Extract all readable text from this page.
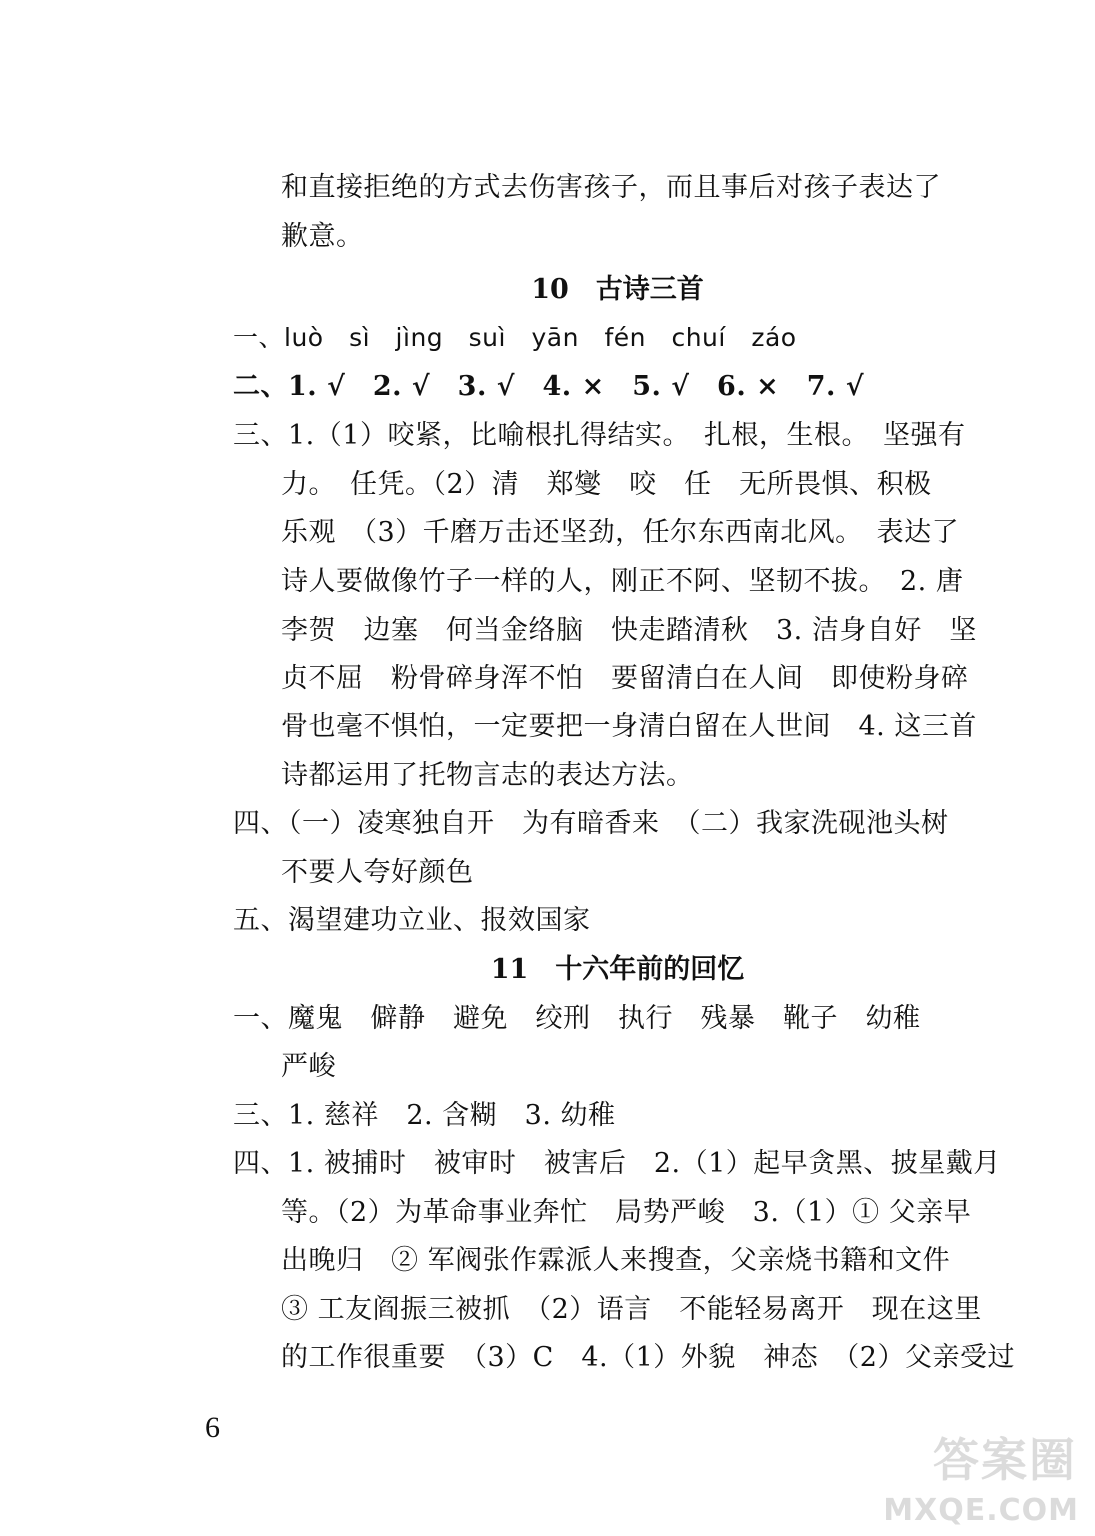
和直接拒绝的方式去伤害孩子，而且事后对孩子表达了
歉意。
10　古诗三首
一、luò　sì　jìng　suì　yān　fén　chuí　záo
二、1. √　2. √　3. √　4. ×　5. √　6. ×　7. √
三、1.（1）咬紧，比喻根扎得结实。　扎根，生根。　坚强有
力。　任凭。（2）清　郑燮　咬　任　无所畏惧、积极
乐观　（3）千磨万击还坚劲，任尔东西南北风。　表达了
诗人要做像竹子一样的人，刚正不阿、坚韧不拔。　2. 唐
李贺　边塞　何当金络脑　快走踏清秋　3. 洁身自好　坚
贞不屈　粉骨碎身浑不怕　要留清白在人间　即使粉身碎
骨也毫不惧怕，一定要把一身清白留在人世间　4. 这三首
诗都运用了托物言志的表达方法。
四、（一）凌寒独自开　为有暗香来　（二）我家洗砚池头树
不要人夸好颜色
五、渴望建功立业、报效国家
11　十六年前的回忆
一、魔鬼　僻静　避免　绞刑　执行　残暴　靴子　幼稚
严峻
三、1. 慈祥　2. 含糊　3. 幼稚
四、1. 被捕时　被审时　被害后　2.（1）起早贪黑、披星戴月
等。（2）为革命事业奔忙　局势严峻　3.（1）① 父亲早
出晚归　② 军阀张作霖派人来搜查，父亲烧书籍和文件
③ 工友阎振三被抓　（2）语言　不能轻易离开　现在这里
的工作很重要　（3）C　4.（1）外貌　神态　（2）父亲受过
6
答案圈
MXQE.COM
